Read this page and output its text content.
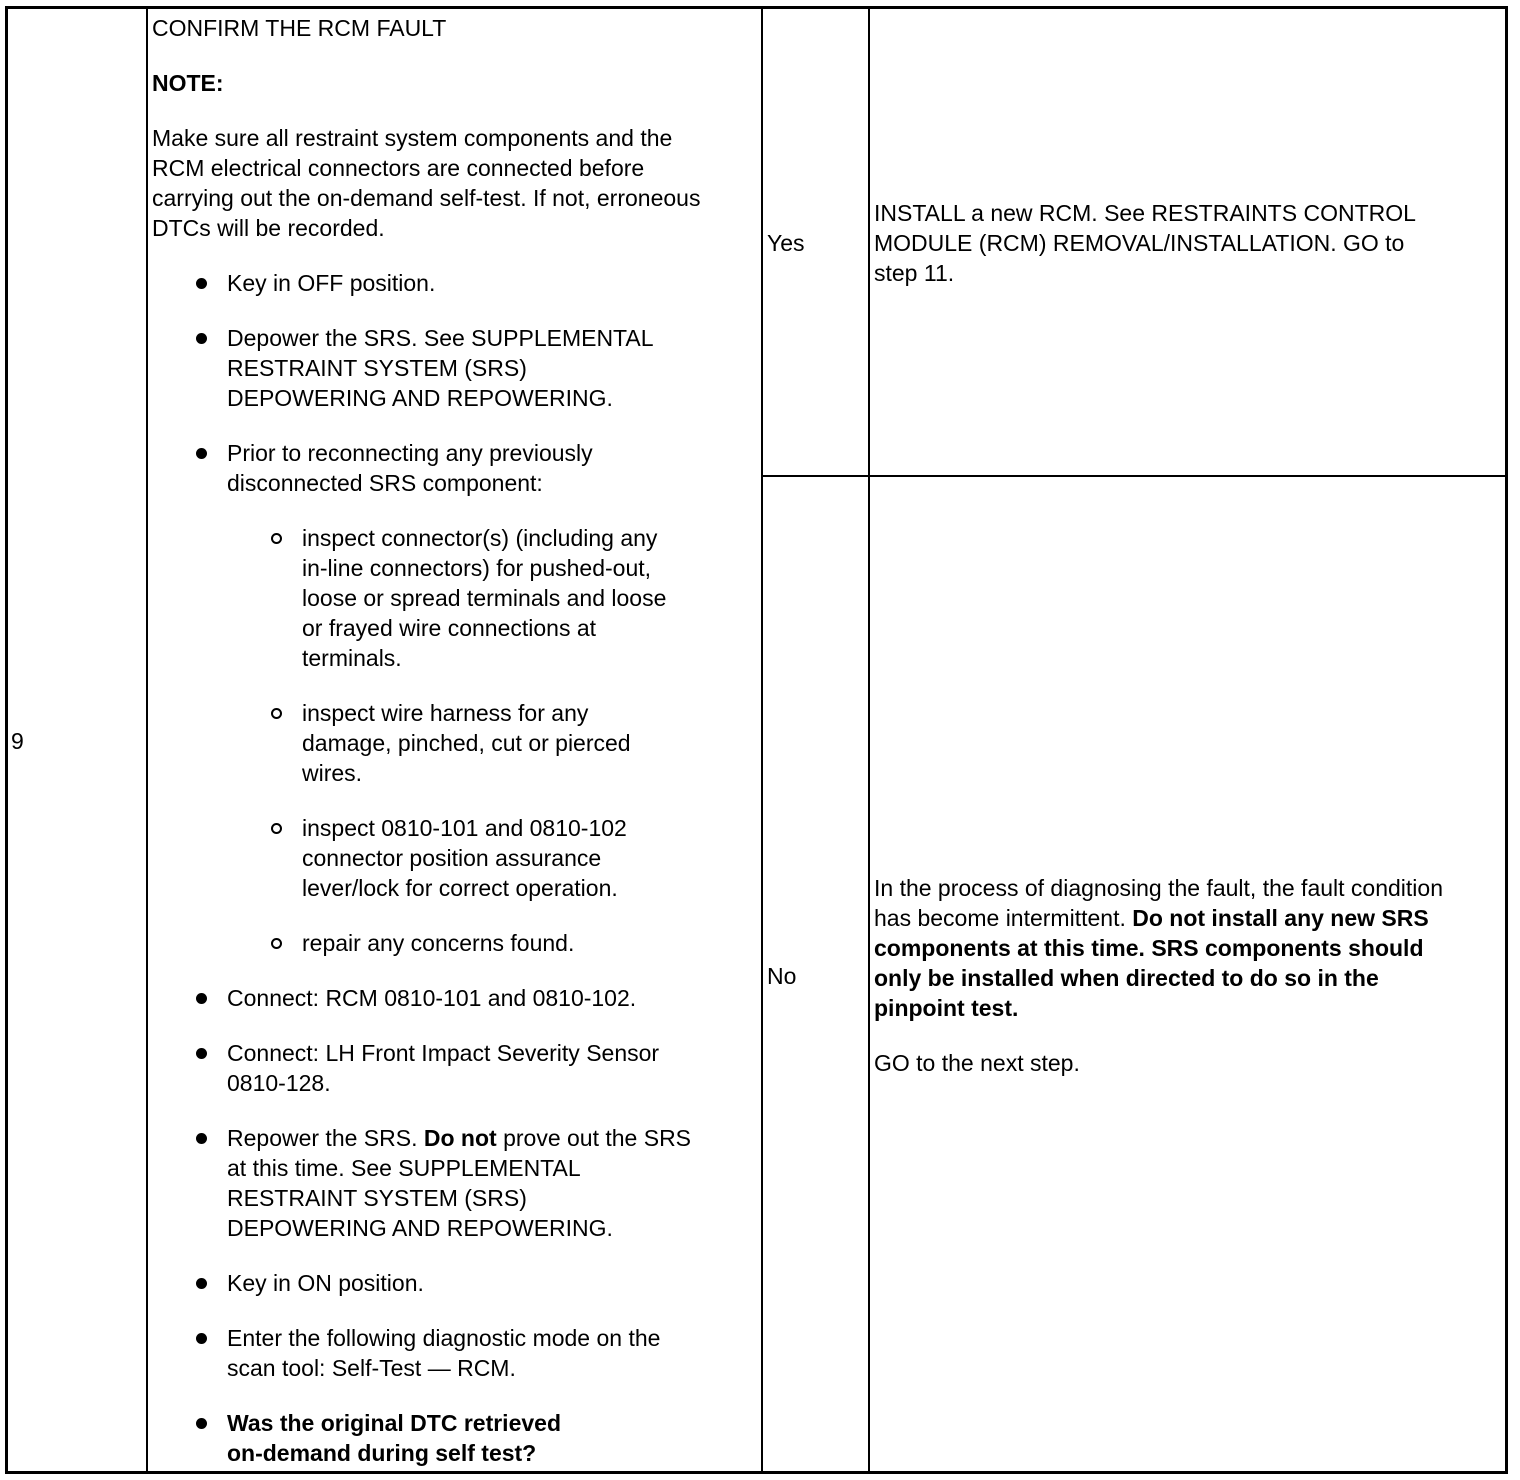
9
CONFIRM THE RCM FAULT
NOTE:
Make sure all restraint system components and the
RCM electrical connectors are connected before
carrying out the on-demand self-test. If not, erroneous
DTCs will be recorded.
Key in OFF position.
Depower the SRS. See SUPPLEMENTAL
RESTRAINT SYSTEM (SRS)
DEPOWERING AND REPOWERING.
Prior to reconnecting any previously
disconnected SRS component:
inspect connector(s) (including any
in-line connectors) for pushed-out,
loose or spread terminals and loose
or frayed wire connections at
terminals.
inspect wire harness for any
damage, pinched, cut or pierced
wires.
inspect 0810-101 and 0810-102
connector position assurance
lever/lock for correct operation.
repair any concerns found.
Connect: RCM 0810-101 and 0810-102.
Connect: LH Front Impact Severity Sensor
0810-128.
Repower the SRS. Do not prove out the SRS
at this time. See SUPPLEMENTAL
RESTRAINT SYSTEM (SRS)
DEPOWERING AND REPOWERING.
Key in ON position.
Enter the following diagnostic mode on the
scan tool: Self-Test — RCM.
Was the original DTC retrieved
on-demand during self test?
Yes
INSTALL a new RCM. See RESTRAINTS CONTROL
MODULE (RCM) REMOVAL/INSTALLATION. GO to
step 11.
No
In the process of diagnosing the fault, the fault condition
has become intermittent. Do not install any new SRS
components at this time. SRS components should
only be installed when directed to do so in the
pinpoint test.
GO to the next step.
